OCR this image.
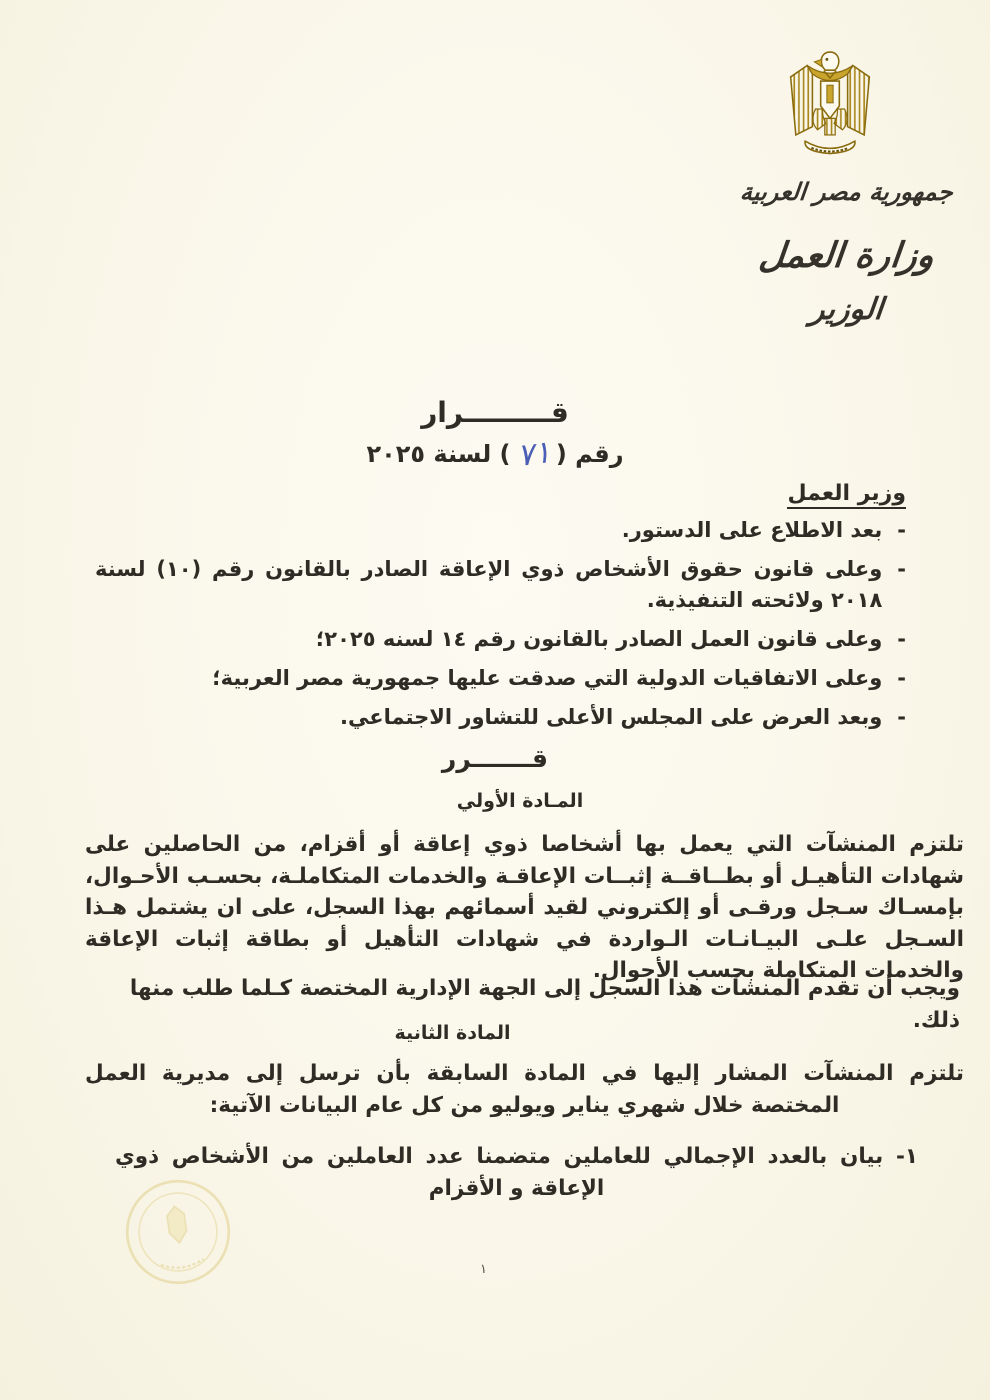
جمهورية مصر العربية
وزارة العمل
الوزير
قـــــــــرار
رقم (٧١) لسنة ٢٠٢٥
وزير العمل
-
بعد الاطلاع على الدستور.
-
وعلى قانون حقوق الأشخاص ذوي الإعاقة الصادر بالقانون رقم (١٠) لسنة ٢٠١٨ ولائحته التنفيذية.
-
وعلى قانون العمل الصادر بالقانون رقم ١٤ لسنه ٢٠٢٥؛
-
وعلى الاتفاقيات الدولية التي صدقت عليها جمهورية مصر العربية؛
-
وبعد العرض على المجلس الأعلى للتشاور الاجتماعي.
قـــــــرر
المـادة الأولي
تلتزم المنشآت التي يعمل بها أشخاصا ذوي إعاقة أو أقزام، من الحاصلين على شهادات التأهيـل أو بطــاقــة إثبــات الإعاقـة والخدمات المتكاملـة، بحسـب الأحـوال، بإمسـاك سـجل ورقـى أو إلكتروني لقيد أسمائهم بهذا السجل، على ان يشتمل هـذا السـجل علـى البيـانـات الـواردة في شهادات التأهيل أو بطاقة إثبات الإعاقة والخدمات المتكاملة بحسب الأحوال.
ويجب أن تقدم المنشآت هذا السجل إلى الجهة الإدارية المختصة كـلما طلب منها ذلك.
المادة الثانية
تلتزم المنشآت المشار إليها في المادة السابقة بأن ترسل إلى مديرية العمل المختصة خلال شهري يناير ويوليو من كل عام البيانات الآتية:
١- بيان بالعدد الإجمالي للعاملين متضمنا عدد العاملين من الأشخاص ذوي الإعاقة و الأقزام
١
